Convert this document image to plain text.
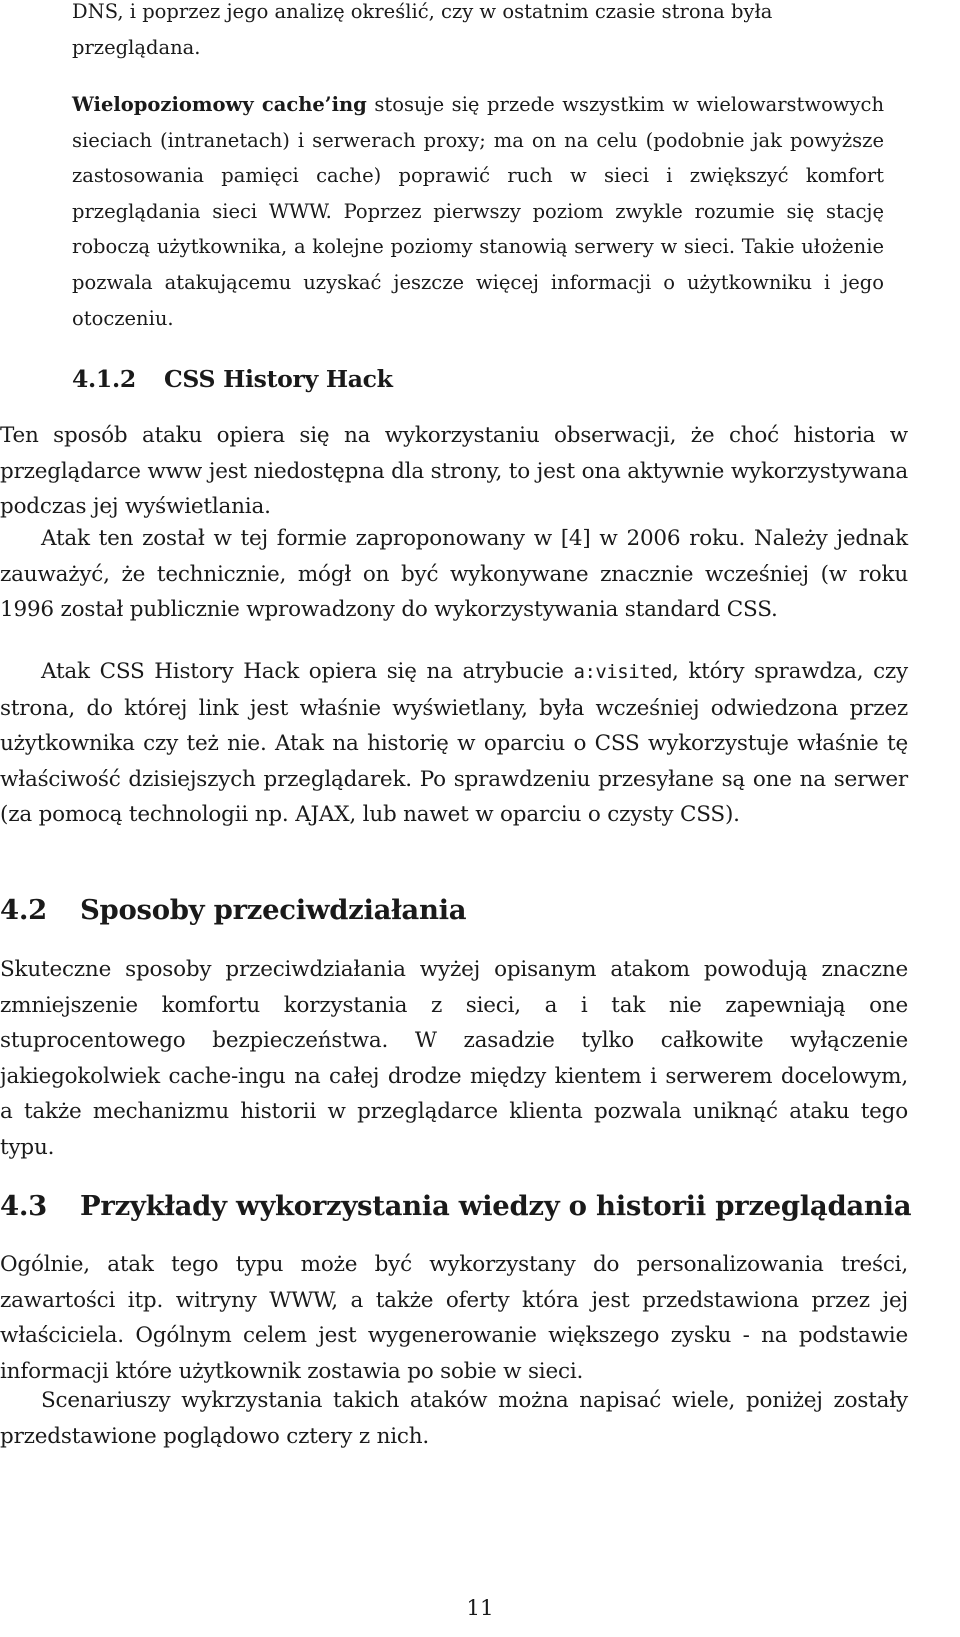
DNS, i poprzez jego analizę określić, czy w ostatnim czasie strona była
przeglądana.

Wielopoziomowy cache’ing stosuje się przede wszystkim w wielowarstwowych sieciach (intranetach) i serwerach proxy; ma on na celu (podobnie jak powyższe zastosowania pamięci cache) poprawić ruch w sieci i zwiększyć komfort przeglądania sieci WWW. Poprzez pierwszy poziom zwykle rozumie się stację roboczą użytkownika, a kolejne poziomy stanowią serwery w sieci. Takie ułożenie pozwala atakującemu uzyskać jeszcze więcej informacji o użytkowniku i jego otoczeniu.

4.1.2 CSS History Hack

Ten sposób ataku opiera się na wykorzystaniu obserwacji, że choć historia w przeglądarce www jest niedostępna dla strony, to jest ona aktywnie wykorzystywana podczas jej wyświetlania.

Atak ten został w tej formie zaproponowany w [4] w 2006 roku. Należy jednak zauważyć, że technicznie, mógł on być wykonywane znacznie wcześniej (w roku 1996 został publicznie wprowadzony do wykorzystywania standard CSS.

Atak CSS History Hack opiera się na atrybucie a:visited, który sprawdza, czy strona, do której link jest właśnie wyświetlany, była wcześniej odwiedzona przez użytkownika czy też nie. Atak na historię w oparciu o CSS wykorzystuje właśnie tę właściwość dzisiejszych przeglądarek. Po sprawdzeniu przesyłane są one na serwer (za pomocą technologii np. AJAX, lub nawet w oparciu o czysty CSS).

4.2 Sposoby przeciwdziałania

Skuteczne sposoby przeciwdziałania wyżej opisanym atakom powodują znaczne zmniejszenie komfortu korzystania z sieci, a i tak nie zapewniają one stuprocentowego bezpieczeństwa. W zasadzie tylko całkowite wyłączenie jakiegokolwiek cache-ingu na całej drodze między kientem i serwerem docelowym, a także mechanizmu historii w przeglądarce klienta pozwala uniknąć ataku tego typu.

4.3 Przykłady wykorzystania wiedzy o historii przeglądania

Ogólnie, atak tego typu może być wykorzystany do personalizowania treści, zawartości itp. witryny WWW, a także oferty która jest przedstawiona przez jej właściciela. Ogólnym celem jest wygenerowanie większego zysku - na podstawie informacji które użytkownik zostawia po sobie w sieci.

Scenariuszy wykrzystania takich ataków można napisać wiele, poniżej zostały przedstawione poglądowo cztery z nich.

11
